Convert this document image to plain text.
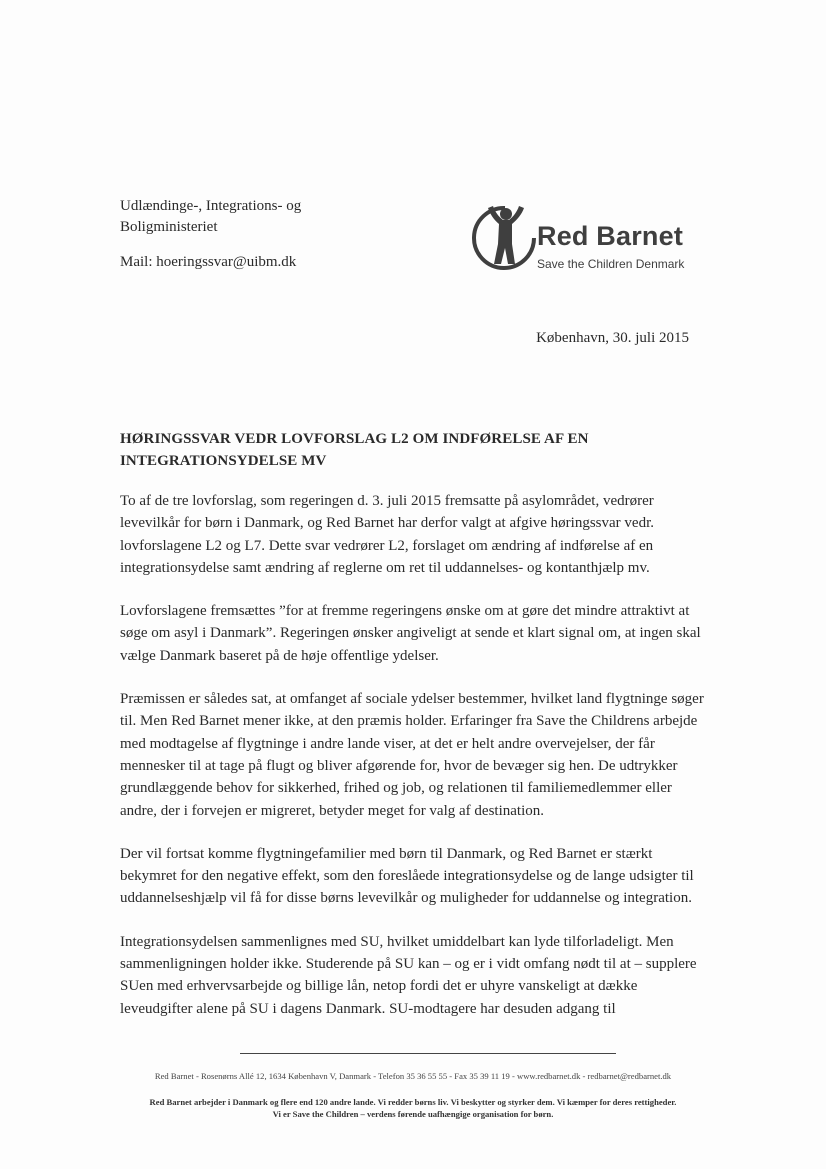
Udlændinge-, Integrations- og
Boligministeriet
Mail: hoeringssvar@uibm.dk
Red Barnet
Save the Children Denmark
København, 30. juli 2015
HØRINGSSVAR VEDR LOVFORSLAG L2 OM INDFØRELSE AF EN
INTEGRATIONSYDELSE MV

To af de tre lovforslag, som regeringen d. 3. juli 2015 fremsatte på asylområdet, vedrører levevilkår for børn i Danmark, og Red Barnet har derfor valgt at afgive høringssvar vedr. lovforslagene L2 og L7. Dette svar vedrører L2, forslaget om ændring af indførelse af en integrationsydelse samt ændring af reglerne om ret til uddannelses- og kontanthjælp mv.

Lovforslagene fremsættes ”for at fremme regeringens ønske om at gøre det mindre attraktivt at søge om asyl i Danmark”. Regeringen ønsker angiveligt at sende et klart signal om, at ingen skal vælge Danmark baseret på de høje offentlige ydelser.

Præmissen er således sat, at omfanget af sociale ydelser bestemmer, hvilket land flygtninge søger til. Men Red Barnet mener ikke, at den præmis holder. Erfaringer fra Save the Childrens arbejde med modtagelse af flygtninge i andre lande viser, at det er helt andre overvejelser, der får mennesker til at tage på flugt og bliver afgørende for, hvor de bevæger sig hen. De udtrykker grundlæggende behov for sikkerhed, frihed og job, og relationen til familiemedlemmer eller andre, der i forvejen er migreret, betyder meget for valg af destination.

Der vil fortsat komme flygtningefamilier med børn til Danmark, og Red Barnet er stærkt bekymret for den negative effekt, som den foreslåede integrationsydelse og de lange udsigter til uddannelseshjælp vil få for disse børns levevilkår og muligheder for uddannelse og integration.

Integrationsydelsen sammenlignes med SU, hvilket umiddelbart kan lyde tilforladeligt. Men sammenligningen holder ikke. Studerende på SU kan – og er i vidt omfang nødt til at – supplere SUen med erhvervsarbejde og billige lån, netop fordi det er uhyre vanskeligt at dække leveudgifter alene på SU i dagens Danmark. SU-modtagere har desuden adgang til

Red Barnet - Rosenørns Allé 12, 1634 København V, Danmark - Telefon 35 36 55 55 - Fax 35 39 11 19 - www.redbarnet.dk - redbarnet@redbarnet.dk
Red Barnet arbejder i Danmark og flere end 120 andre lande. Vi redder børns liv. Vi beskytter og styrker dem. Vi kæmper for deres rettigheder.
Vi er Save the Children – verdens førende uafhængige organisation for børn.
